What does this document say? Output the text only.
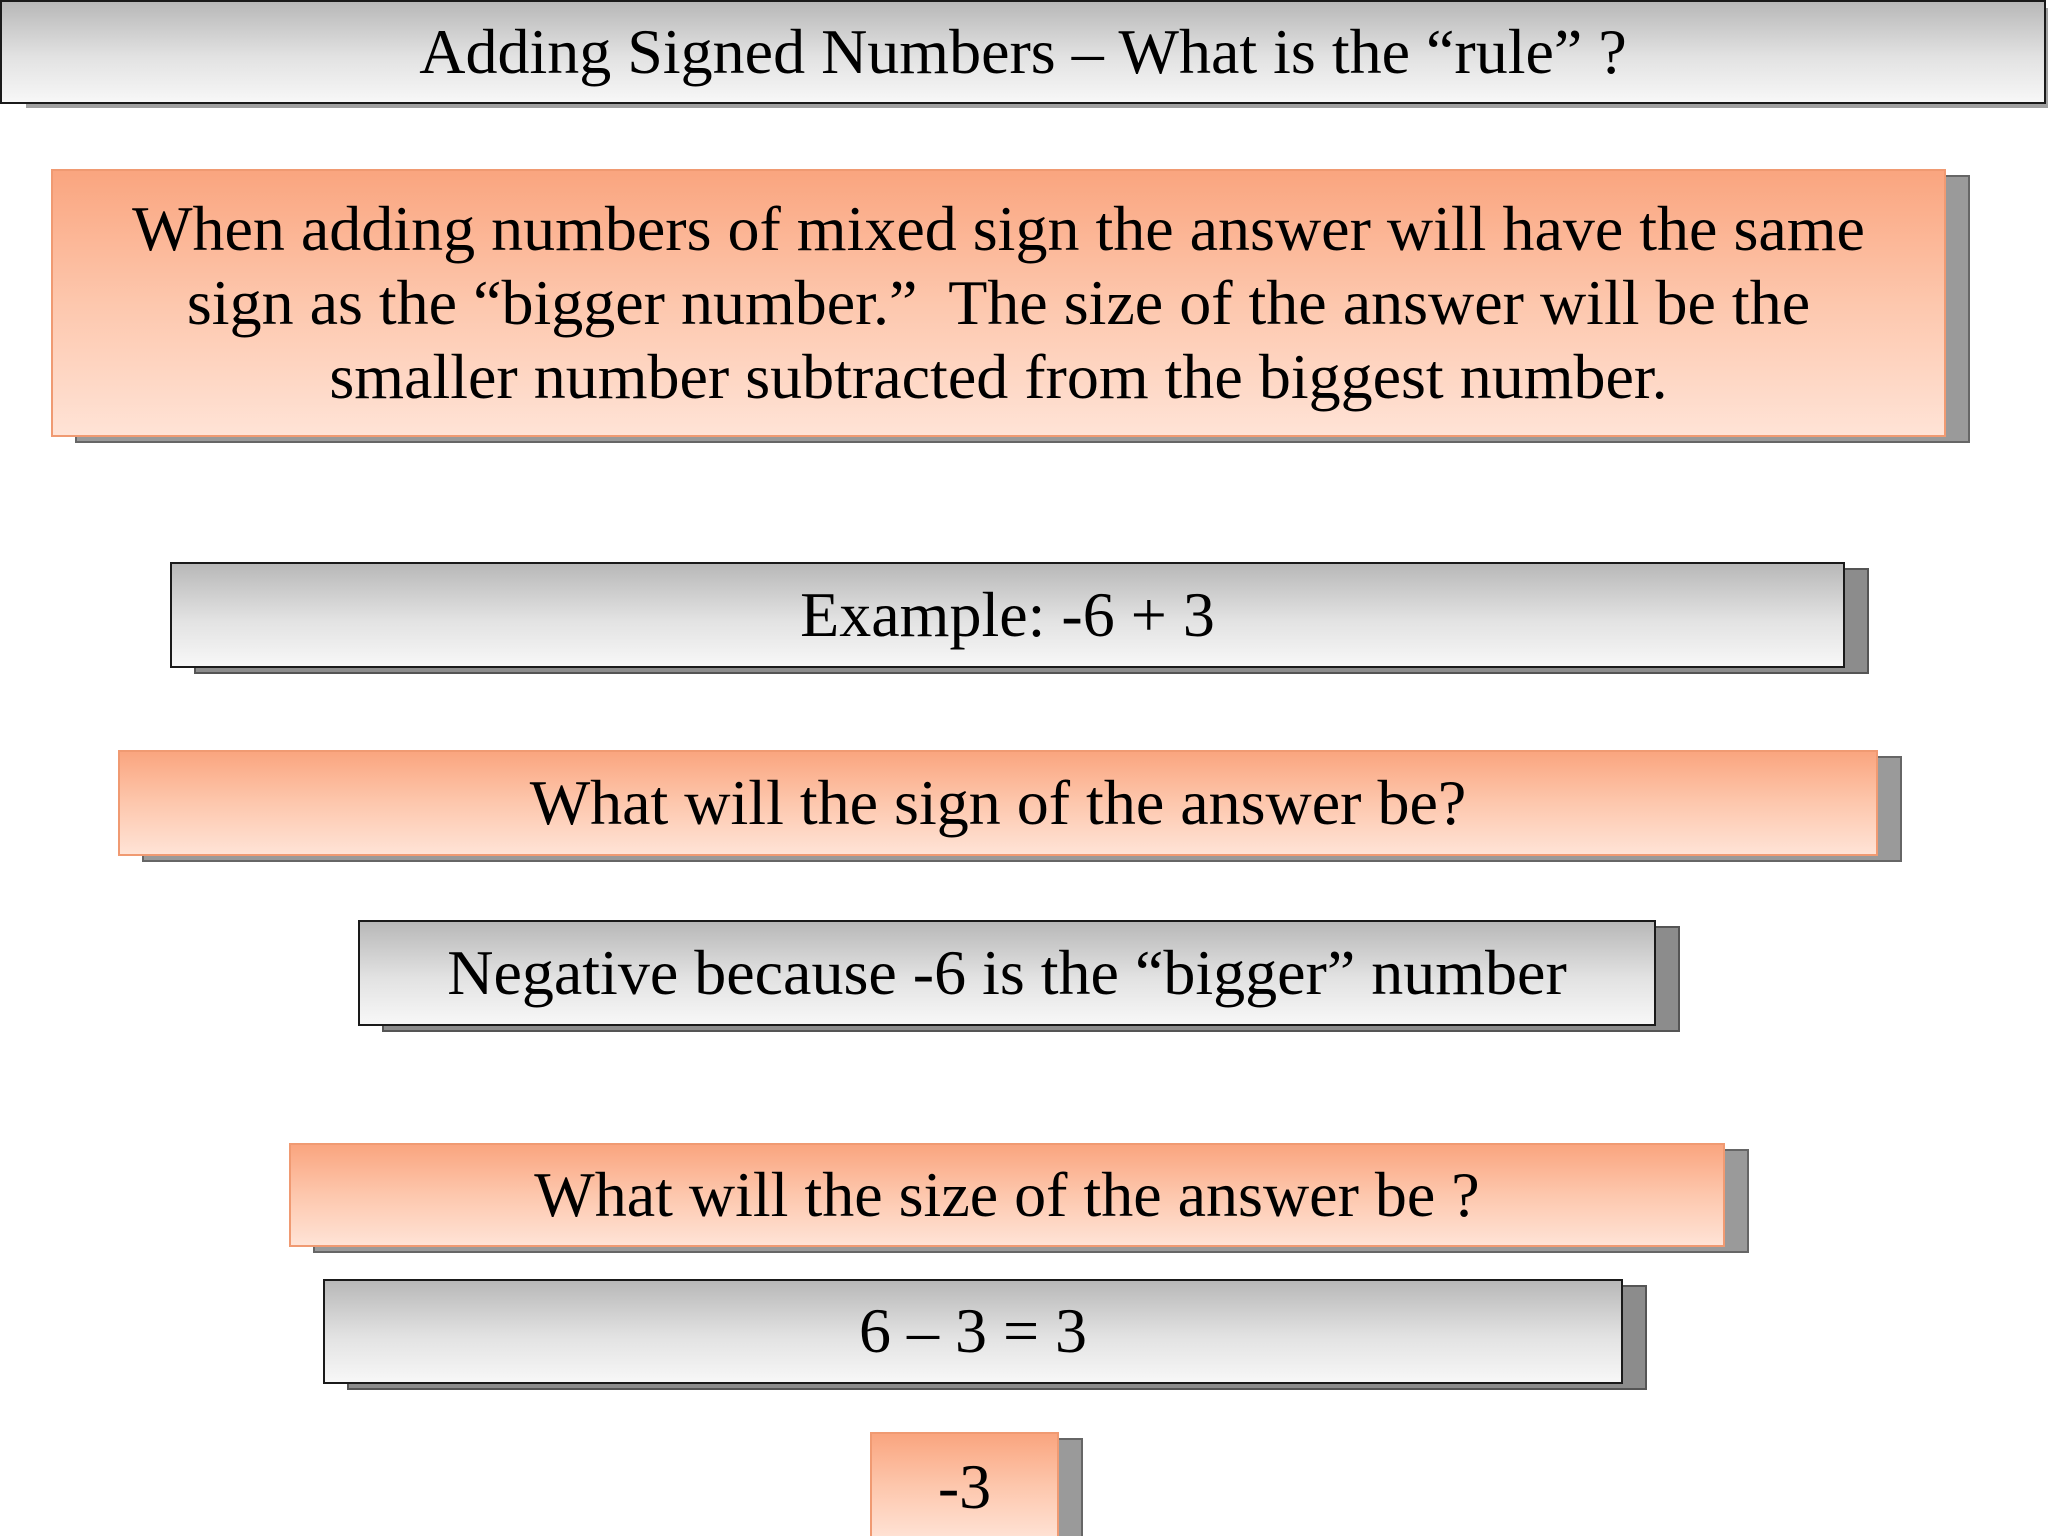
Adding Signed Numbers – What is the “rule” ?
When adding numbers of mixed sign the answer will have the same
sign as the “bigger number.”  The size of the answer will be the
smaller number subtracted from the biggest number.
Example: -6 + 3
What will the sign of the answer be?
Negative because -6 is the “bigger” number
What will the size of the answer be ?
6 – 3 = 3
-3
